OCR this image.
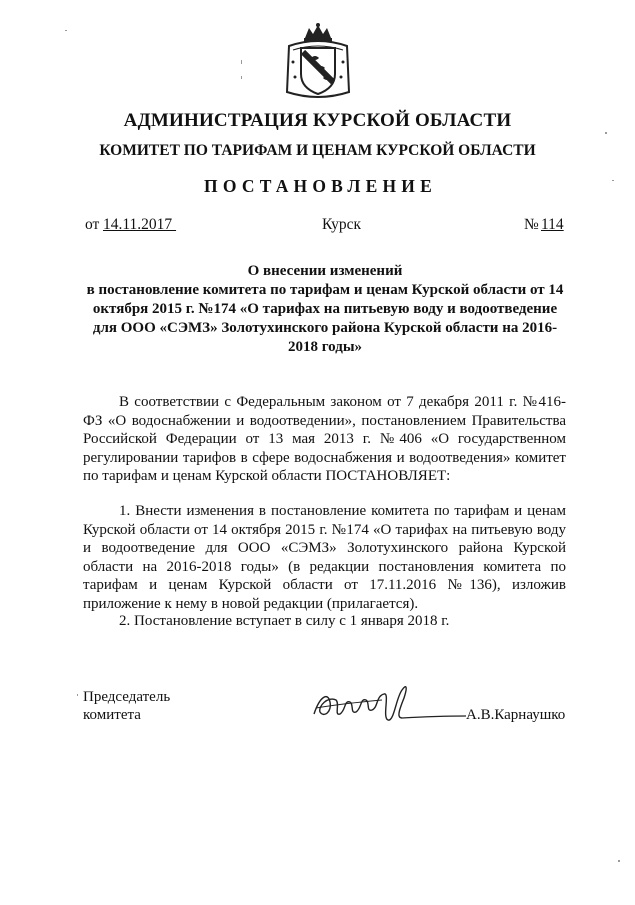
АДМИНИСТРАЦИЯ КУРСКОЙ ОБЛАСТИ
КОМИТЕТ ПО ТАРИФАМ И ЦЕНАМ КУРСКОЙ ОБЛАСТИ
ПОСТАНОВЛЕНИЕ
от 14.11.2017	Курск	№ 114
О внесении изменений
в постановление комитета по тарифам и ценам Курской области от 14 октября 2015 г. №174 «О тарифах на питьевую воду и водоотведение для ООО «СЭМЗ» Золотухинского района Курской области на 2016-2018 годы»
В соответствии с Федеральным законом от 7 декабря 2011 г. №416-ФЗ «О водоснабжении и водоотведении», постановлением Правительства Российской Федерации от 13 мая 2013 г. №406 «О государственном регулировании тарифов в сфере водоснабжения и водоотведения» комитет по тарифам и ценам Курской области ПОСТАНОВЛЯЕТ:
1. Внести изменения в постановление комитета по тарифам и ценам Курской области от 14 октября 2015 г. №174 «О тарифах на питьевую воду и водоотведение для ООО «СЭМЗ» Золотухинского района Курской области на 2016-2018 годы» (в редакции постановления комитета по тарифам и ценам Курской области от 17.11.2016 №136), изложив приложение к нему в новой редакции (прилагается).
2. Постановление вступает в силу с 1 января 2018 г.
Председатель
комитета	А.В.Карнаушко
